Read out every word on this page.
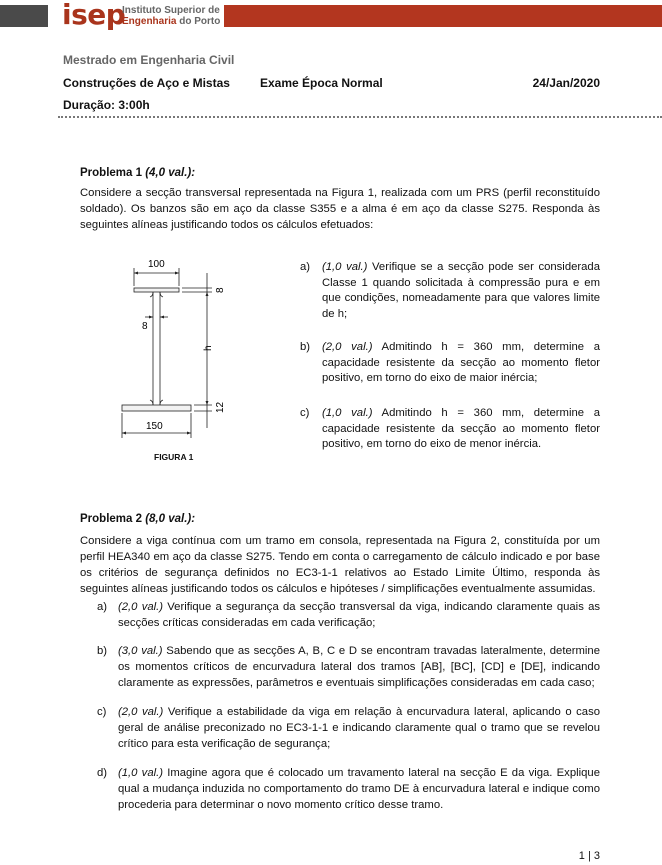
isep
Instituto Superior de
Engenharia do Porto
Mestrado em Engenharia Civil
Construções de Aço e Mistas	Exame Época Normal	24/Jan/2020
Duração: 3:00h
Problema 1 (4,0 val.):
Considere a secção transversal representada na Figura 1, realizada com um PRS (perfil reconstituído soldado). Os banzos são em aço da classe S355 e a alma é em aço da classe S275. Responda às seguintes alíneas justificando todos os cálculos efetuados:
100
150
8
8
h
12
FIGURA 1
a) (1,0 val.) Verifique se a secção pode ser considerada Classe 1 quando solicitada à compressão pura e em que condições, nomeadamente para que valores limite de h;
b) (2,0 val.) Admitindo h = 360 mm, determine a capacidade resistente da secção ao momento fletor positivo, em torno do eixo de maior inércia;
c) (1,0 val.) Admitindo h = 360 mm, determine a capacidade resistente da secção ao momento fletor positivo, em torno do eixo de menor inércia.
Problema 2 (8,0 val.):
Considere a viga contínua com um tramo em consola, representada na Figura 2, constituída por um perfil HEA340 em aço da classe S275. Tendo em conta o carregamento de cálculo indicado e por base os critérios de segurança definidos no EC3-1-1 relativos ao Estado Limite Último, responda às seguintes alíneas justificando todos os cálculos e hipóteses / simplificações eventualmente assumidas.
a) (2,0 val.) Verifique a segurança da secção transversal da viga, indicando claramente quais as secções críticas consideradas em cada verificação;
b) (3,0 val.) Sabendo que as secções A, B, C e D se encontram travadas lateralmente, determine os momentos críticos de encurvadura lateral dos tramos [AB], [BC], [CD] e [DE], indicando claramente as expressões, parâmetros e eventuais simplificações consideradas em cada caso;
c) (2,0 val.) Verifique a estabilidade da viga em relação à encurvadura lateral, aplicando o caso geral de análise preconizado no EC3-1-1 e indicando claramente qual o tramo que se revelou crítico para esta verificação de segurança;
d) (1,0 val.) Imagine agora que é colocado um travamento lateral na secção E da viga. Explique qual a mudança induzida no comportamento do tramo DE à encurvadura lateral e indique como procederia para determinar o novo momento crítico desse tramo.
1 | 3
